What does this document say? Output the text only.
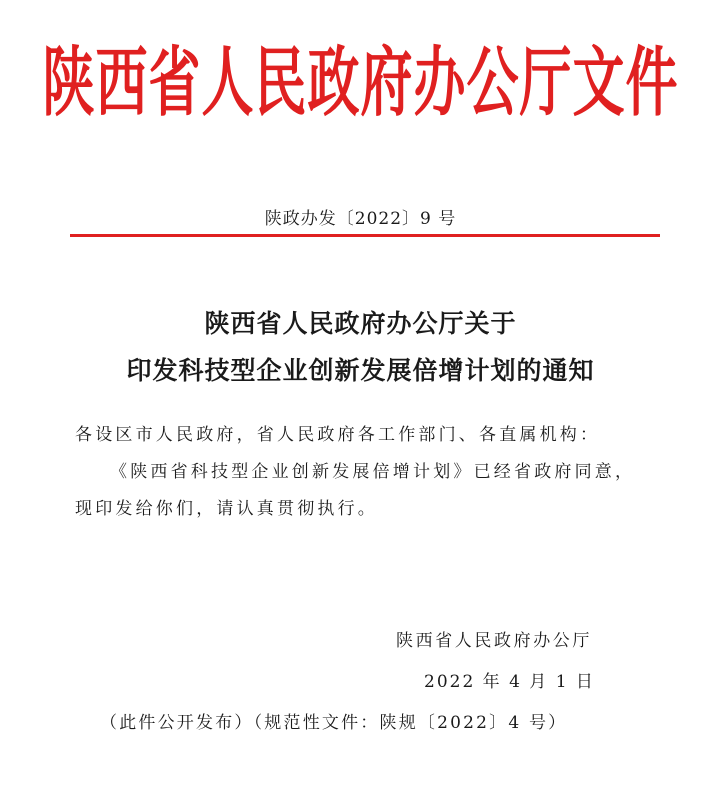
陕西省人民政府办公厅文件
陕政办发〔2022〕9 号
陕西省人民政府办公厅关于
印发科技型企业创新发展倍增计划的通知
各设区市人民政府，省人民政府各工作部门、各直属机构：
《陕西省科技型企业创新发展倍增计划》已经省政府同意，
现印发给你们，请认真贯彻执行。
陕西省人民政府办公厅
2022 年 4 月 1 日
（此件公开发布）（规范性文件：陕规〔2022〕4 号）
